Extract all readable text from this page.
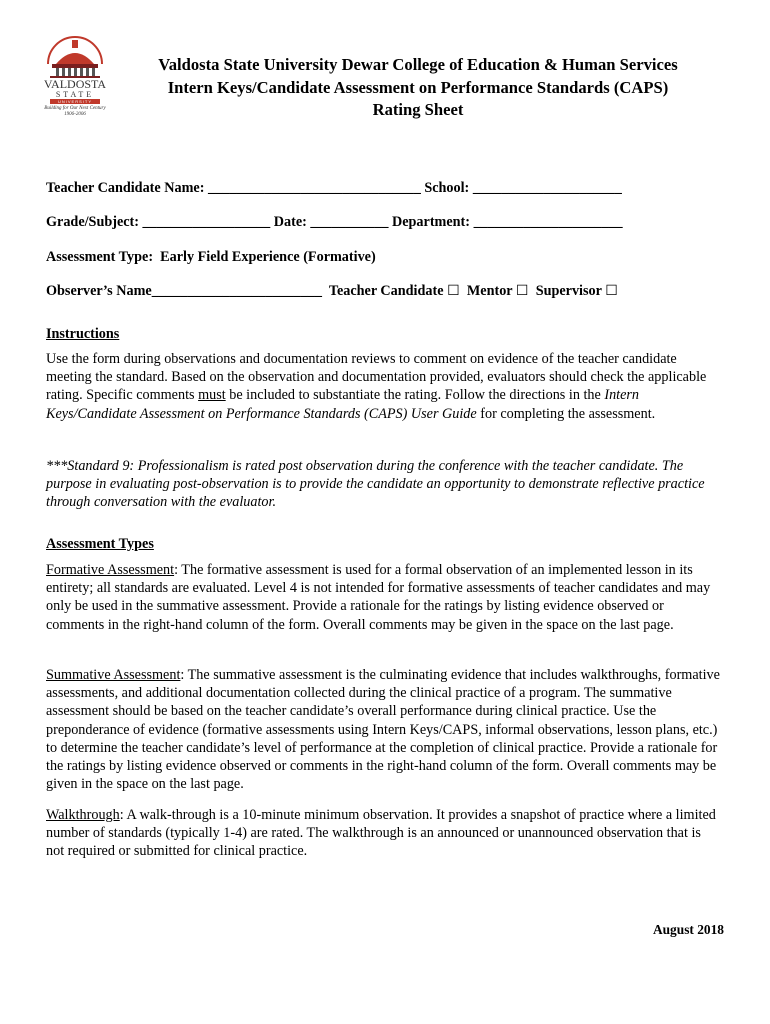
VALDOSTA
STATE
UNIVERSITY
Building for Our Next Century
1906-2006
Valdosta State University Dewar College of Education & Human Services
Intern Keys/Candidate Assessment on Performance Standards (CAPS)
Rating Sheet
Teacher Candidate Name: ______________________________ School: _____________________
Grade/Subject: __________________ Date: ___________ Department: _____________________
Assessment Type: Early Field Experience (Formative)
Observer’s Name________________________ Teacher Candidate ☐ Mentor ☐ Supervisor ☐
Instructions
Use the form during observations and documentation reviews to comment on evidence of the teacher candidate meeting the standard. Based on the observation and documentation provided, evaluators should check the applicable rating. Specific comments must be included to substantiate the rating. Follow the directions in the Intern Keys/Candidate Assessment on Performance Standards (CAPS) User Guide for completing the assessment.
***Standard 9: Professionalism is rated post observation during the conference with the teacher candidate. The purpose in evaluating post-observation is to provide the candidate an opportunity to demonstrate reflective practice through conversation with the evaluator.
Assessment Types
Formative Assessment: The formative assessment is used for a formal observation of an implemented lesson in its entirety; all standards are evaluated. Level 4 is not intended for formative assessments of teacher candidates and may only be used in the summative assessment. Provide a rationale for the ratings by listing evidence observed or comments in the right-hand column of the form. Overall comments may be given in the space on the last page.
Summative Assessment: The summative assessment is the culminating evidence that includes walkthroughs, formative assessments, and additional documentation collected during the clinical practice of a program. The summative assessment should be based on the teacher candidate’s overall performance during clinical practice. Use the preponderance of evidence (formative assessments using Intern Keys/CAPS, informal observations, lesson plans, etc.) to determine the teacher candidate’s level of performance at the completion of clinical practice. Provide a rationale for the ratings by listing evidence observed or comments in the right-hand column of the form. Overall comments may be given in the space on the last page.
Walkthrough: A walk-through is a 10-minute minimum observation. It provides a snapshot of practice where a limited number of standards (typically 1-4) are rated. The walkthrough is an announced or unannounced observation that is not required or submitted for clinical practice.
August 2018
